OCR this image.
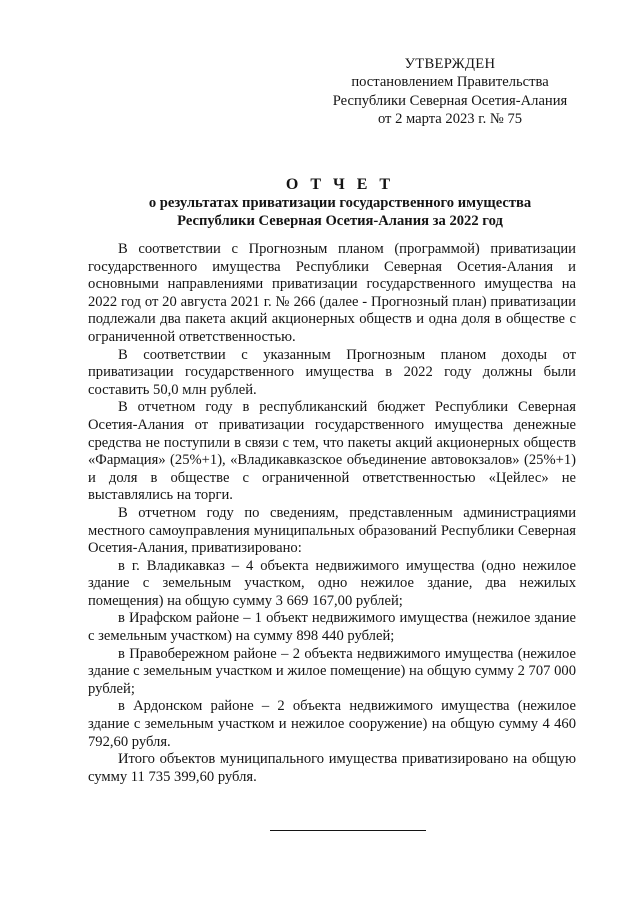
УТВЕРЖДЕН
постановлением Правительства
Республики Северная Осетия-Алания
от 2 марта 2023 г. № 75
О Т Ч Е Т
о результатах приватизации государственного имущества
Республики Северная Осетия-Алания за 2022 год

В соответствии с Прогнозным планом (программой) приватизации государственного имущества Республики Северная Осетия-Алания и основными направлениями приватизации государственного имущества на 2022 год от 20 августа 2021 г. № 266 (далее - Прогнозный план) приватизации подлежали два пакета акций акционерных обществ и одна доля в обществе с ограниченной ответственностью.

В соответствии с указанным Прогнозным планом доходы от приватизации государственного имущества в 2022 году должны были составить 50,0 млн рублей.

В отчетном году в республиканский бюджет Республики Северная Осетия-Алания от приватизации государственного имущества денежные средства не поступили в связи с тем, что пакеты акций акционерных обществ «Фармация» (25%+1), «Владикавказское объединение автовокзалов» (25%+1) и доля в обществе с ограниченной ответственностью «Цейлес» не выставлялись на торги.

В отчетном году по сведениям, представленным администрациями местного самоуправления муниципальных образований Республики Северная Осетия-Алания, приватизировано:

в г. Владикавказ – 4 объекта недвижимого имущества (одно нежилое здание с земельным участком, одно нежилое здание, два нежилых помещения) на общую сумму 3 669 167,00 рублей;

в Ирафском районе – 1 объект недвижимого имущества (нежилое здание с земельным участком) на сумму 898 440 рублей;

в Правобережном районе – 2 объекта недвижимого имущества (нежилое здание с земельным участком и жилое помещение) на общую сумму 2 707 000 рублей;

в Ардонском районе – 2 объекта недвижимого имущества (нежилое здание с земельным участком и нежилое сооружение) на общую сумму 4 460 792,60 рубля.

Итого объектов муниципального имущества приватизировано на общую сумму 11 735 399,60 рубля.
